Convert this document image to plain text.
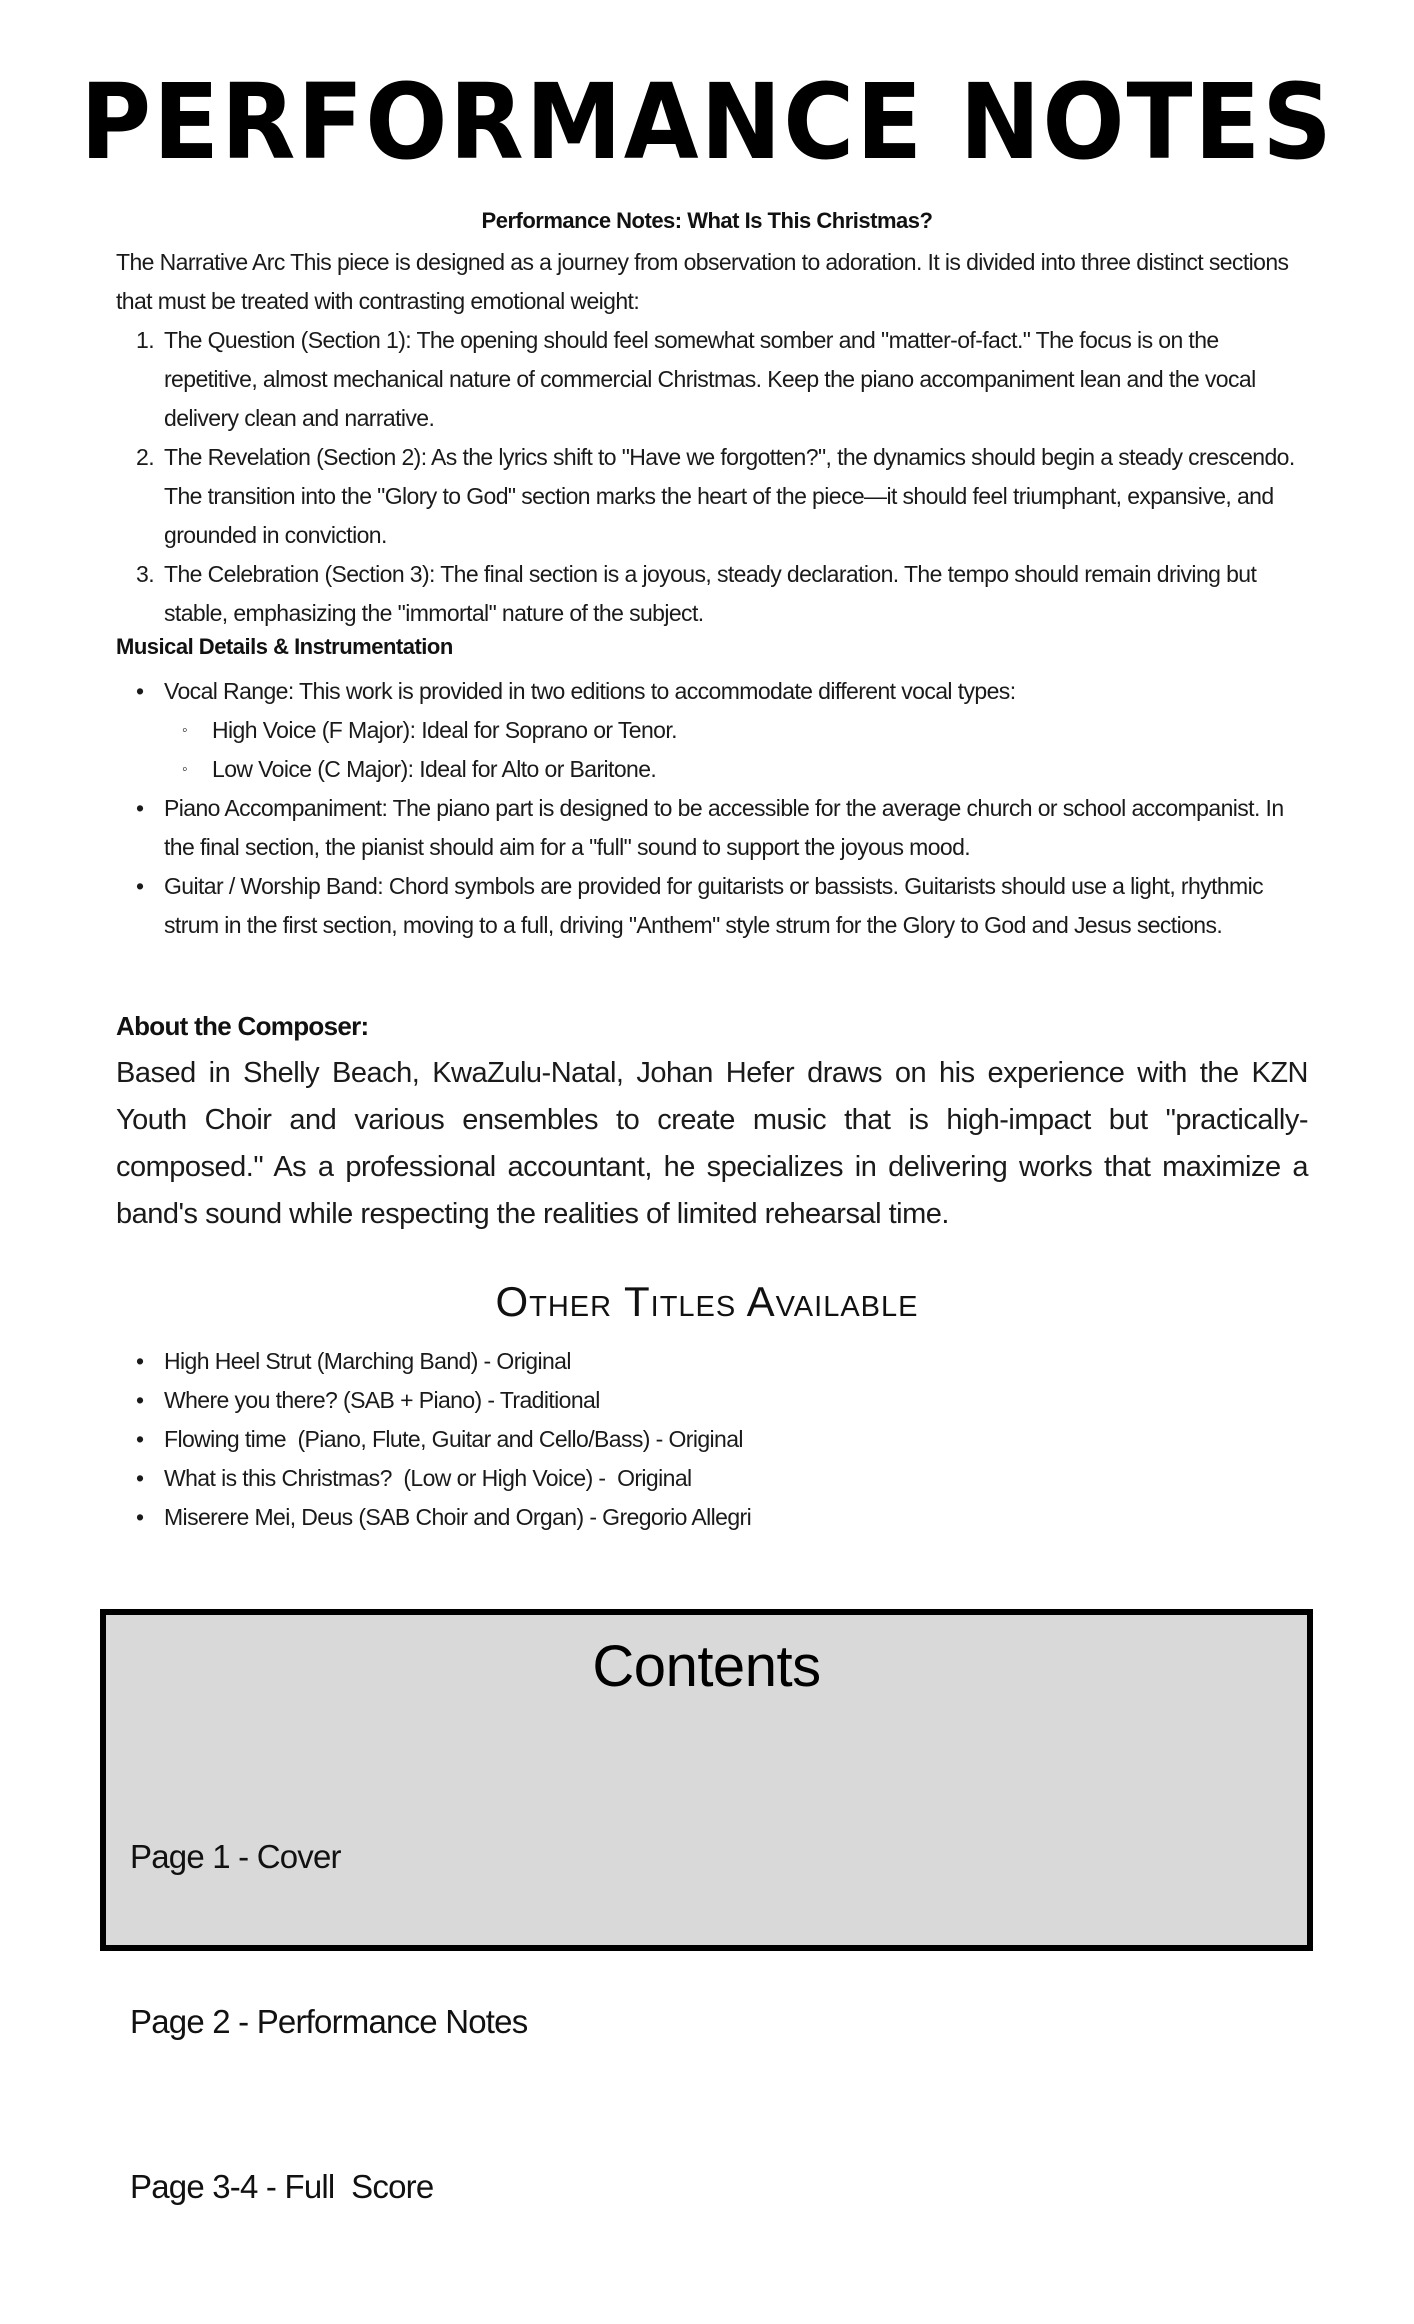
PERFORMANCE NOTES
Performance Notes: What Is This Christmas?

The Narrative Arc This piece is designed as a journey from observation to adoration. It is divided into three distinct sections that must be treated with contrasting emotional weight:

1. The Question (Section 1): The opening should feel somewhat somber and "matter-of-fact." The focus is on the repetitive, almost mechanical nature of commercial Christmas. Keep the piano accompaniment lean and the vocal delivery clean and narrative.
2. The Revelation (Section 2): As the lyrics shift to "Have we forgotten?", the dynamics should begin a steady crescendo. The transition into the "Glory to God" section marks the heart of the piece—it should feel triumphant, expansive, and grounded in conviction.
3. The Celebration (Section 3): The final section is a joyous, steady declaration. The tempo should remain driving but stable, emphasizing the "immortal" nature of the subject.
Musical Details & Instrumentation
• Vocal Range: This work is provided in two editions to accommodate different vocal types:
◦ High Voice (F Major): Ideal for Soprano or Tenor.
◦ Low Voice (C Major): Ideal for Alto or Baritone.
• Piano Accompaniment: The piano part is designed to be accessible for the average church or school accompanist. In the final section, the pianist should aim for a "full" sound to support the joyous mood.
• Guitar / Worship Band: Chord symbols are provided for guitarists or bassists. Guitarists should use a light, rhythmic strum in the first section, moving to a full, driving "Anthem" style strum for the Glory to God and Jesus sections.
About the Composer:

Based in Shelly Beach, KwaZulu-Natal, Johan Hefer draws on his experience with the KZN Youth Choir and various ensembles to create music that is high-impact but "practically-composed." As a professional accountant, he specializes in delivering works that maximize a band's sound while respecting the realities of limited rehearsal time.

Other Titles Available
• High Heel Strut (Marching Band) - Original
• Where you there? (SAB + Piano) - Traditional
• Flowing time  (Piano, Flute, Guitar and Cello/Bass) - Original
• What is this Christmas?  (Low or High Voice) -  Original
• Miserere Mei, Deus (SAB Choir and Organ) - Gregorio Allegri
Contents

Page 1 - Cover

Page 2 - Performance Notes

Page 3-4 - Full  Score
